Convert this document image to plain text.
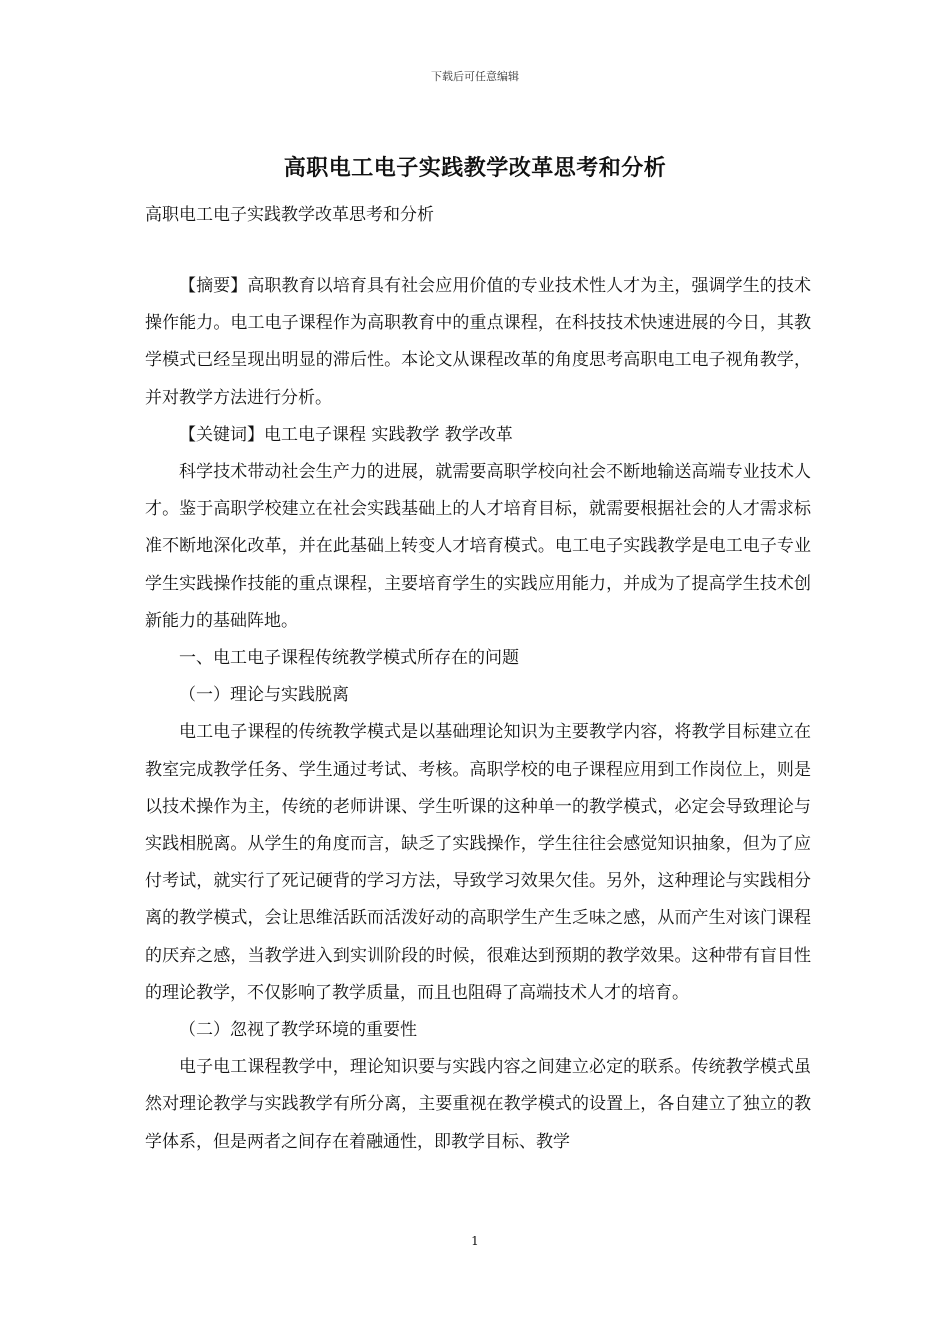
下载后可任意编辑
高职电工电子实践教学改革思考和分析
高职电工电子实践教学改革思考和分析

【摘要】高职教育以培育具有社会应用价值的专业技术性人才为主，强调学生的技术操作能力。电工电子课程作为高职教育中的重点课程，在科技技术快速进展的今日，其教学模式已经呈现出明显的滞后性。本论文从课程改革的角度思考高职电工电子视角教学，并对教学方法进行分析。

【关键词】电工电子课程 实践教学 教学改革

科学技术带动社会生产力的进展，就需要高职学校向社会不断地输送高端专业技术人才。鉴于高职学校建立在社会实践基础上的人才培育目标，就需要根据社会的人才需求标准不断地深化改革，并在此基础上转变人才培育模式。电工电子实践教学是电工电子专业学生实践操作技能的重点课程，主要培育学生的实践应用能力，并成为了提高学生技术创新能力的基础阵地。

一、电工电子课程传统教学模式所存在的问题

（一）理论与实践脱离

电工电子课程的传统教学模式是以基础理论知识为主要教学内容，将教学目标建立在教室完成教学任务、学生通过考试、考核。高职学校的电子课程应用到工作岗位上，则是以技术操作为主，传统的老师讲课、学生听课的这种单一的教学模式，必定会导致理论与实践相脱离。从学生的角度而言，缺乏了实践操作，学生往往会感觉知识抽象，但为了应付考试，就实行了死记硬背的学习方法，导致学习效果欠佳。另外，这种理论与实践相分离的教学模式，会让思维活跃而活泼好动的高职学生产生乏味之感，从而产生对该门课程的厌弃之感，当教学进入到实训阶段的时候，很难达到预期的教学效果。这种带有盲目性的理论教学，不仅影响了教学质量，而且也阻碍了高端技术人才的培育。

（二）忽视了教学环境的重要性

电子电工课程教学中，理论知识要与实践内容之间建立必定的联系。传统教学模式虽然对理论教学与实践教学有所分离，主要重视在教学模式的设置上，各自建立了独立的教学体系，但是两者之间存在着融通性，即教学目标、教学

1
